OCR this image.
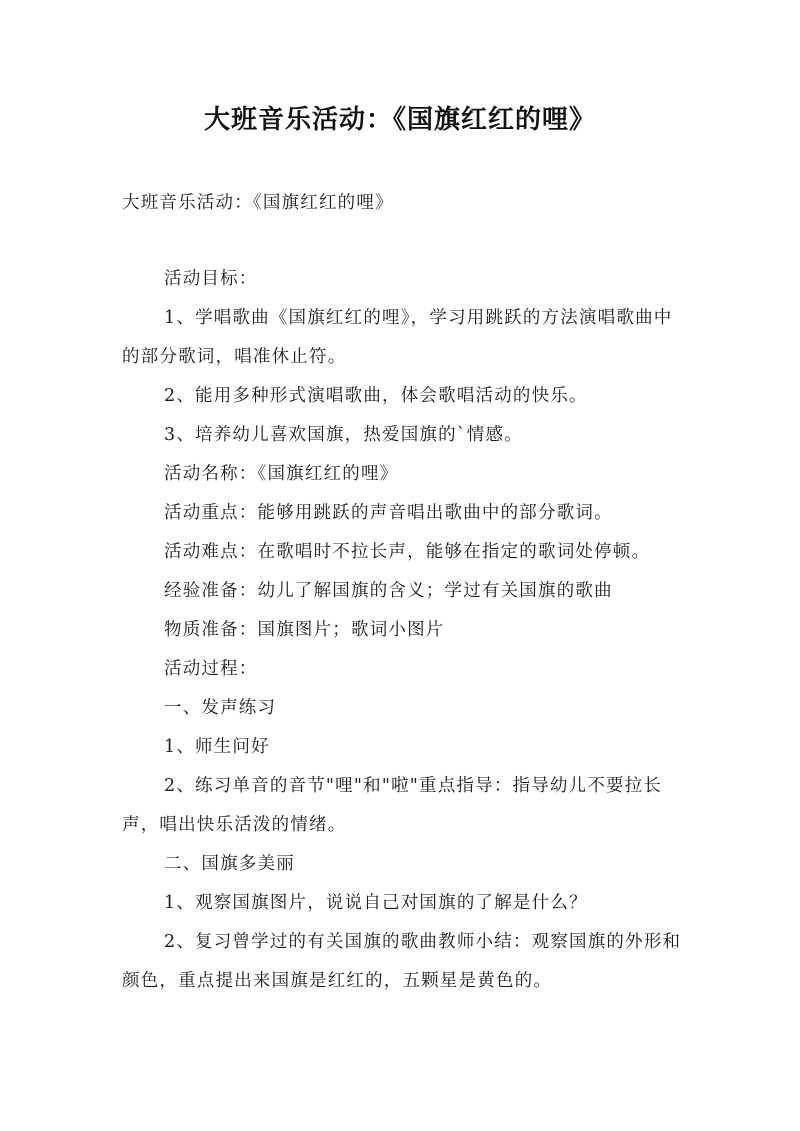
大班音乐活动：《国旗红红的哩》

大班音乐活动：《国旗红红的哩》

活动目标：

1、学唱歌曲《国旗红红的哩》，学习用跳跃的方法演唱歌曲中的部分歌词，唱准休止符。

2、能用多种形式演唱歌曲，体会歌唱活动的快乐。

3、培养幼儿喜欢国旗，热爱国旗的`情感。

活动名称：《国旗红红的哩》

活动重点：能够用跳跃的声音唱出歌曲中的部分歌词。

活动难点：在歌唱时不拉长声，能够在指定的歌词处停顿。

经验准备：幼儿了解国旗的含义；学过有关国旗的歌曲

物质准备：国旗图片；歌词小图片

活动过程：

一、发声练习

1、师生问好

2、练习单音的音节"哩"和"啦"重点指导：指导幼儿不要拉长声，唱出快乐活泼的情绪。

二、国旗多美丽

1、观察国旗图片，说说自己对国旗的了解是什么？

2、复习曾学过的有关国旗的歌曲教师小结：观察国旗的外形和颜色，重点提出来国旗是红红的，五颗星是黄色的。
